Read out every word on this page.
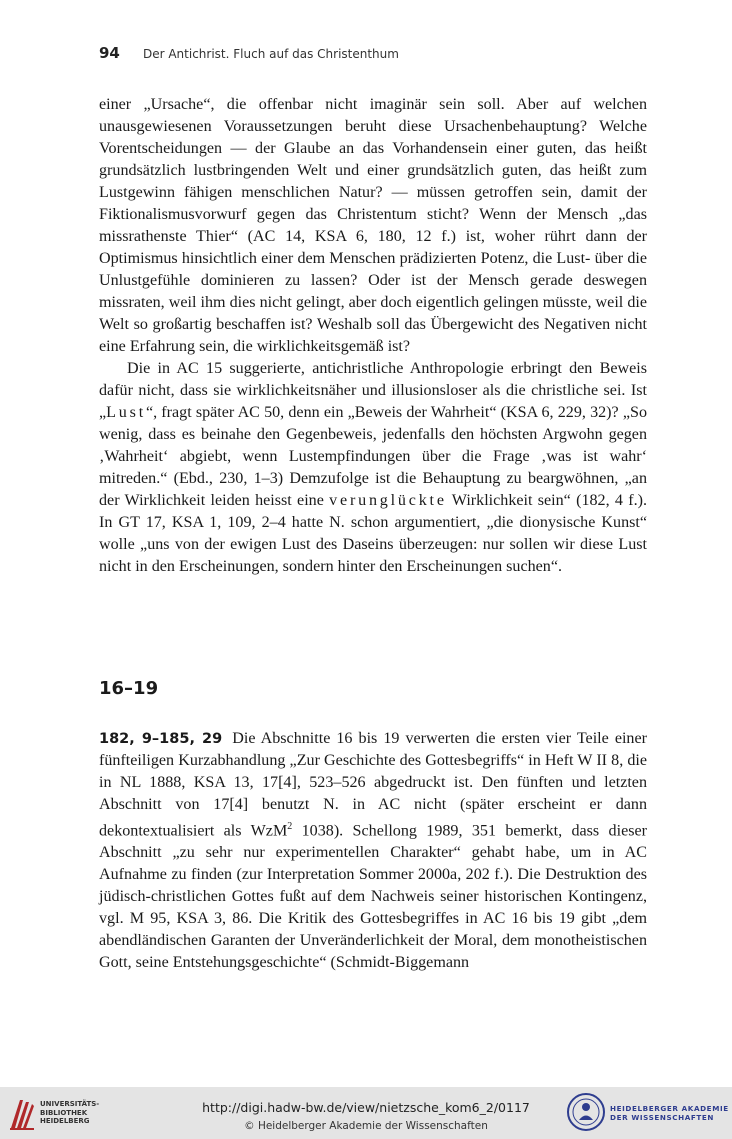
94 Der Antichrist. Fluch auf das Christenthum

einer „Ursache“, die offenbar nicht imaginär sein soll. Aber auf welchen unausgewiesenen Voraussetzungen beruht diese Ursachenbehauptung? Welche Vorentscheidungen — der Glaube an das Vorhandensein einer guten, das heißt grundsätzlich lustbringenden Welt und einer grundsätzlich guten, das heißt zum Lustgewinn fähigen menschlichen Natur? — müssen getroffen sein, damit der Fiktionalismusvorwurf gegen das Christentum sticht? Wenn der Mensch „das missrathenste Thier“ (AC 14, KSA 6, 180, 12 f.) ist, woher rührt dann der Optimismus hinsichtlich einer dem Menschen prädizierten Potenz, die Lust- über die Unlustgefühle dominieren zu lassen? Oder ist der Mensch gerade deswegen missraten, weil ihm dies nicht gelingt, aber doch eigentlich gelingen müsste, weil die Welt so großartig beschaffen ist? Weshalb soll das Übergewicht des Negativen nicht eine Erfahrung sein, die wirklichkeitsgemäß ist?

Die in AC 15 suggerierte, antichristliche Anthropologie erbringt den Beweis dafür nicht, dass sie wirklichkeitsnäher und illusionsloser als die christliche sei. Ist „Lust“, fragt später AC 50, denn ein „Beweis der Wahrheit“ (KSA 6, 229, 32)? „So wenig, dass es beinahe den Gegenbeweis, jedenfalls den höchsten Argwohn gegen ‚Wahrheit‘ abgiebt, wenn Lustempfindungen über die Frage ‚was ist wahr‘ mitreden.“ (Ebd., 230, 1–3) Demzufolge ist die Behauptung zu beargwöhnen, „an der Wirklichkeit leiden heisst eine verunglückte Wirklichkeit sein“ (182, 4 f.). In GT 17, KSA 1, 109, 2–4 hatte N. schon argumentiert, „die dionysische Kunst“ wolle „uns von der ewigen Lust des Daseins überzeugen: nur sollen wir diese Lust nicht in den Erscheinungen, sondern hinter den Erscheinungen suchen“.

16–19

182, 9–185, 29 Die Abschnitte 16 bis 19 verwerten die ersten vier Teile einer fünfteiligen Kurzabhandlung „Zur Geschichte des Gottesbegriffs“ in Heft W II 8, die in NL 1888, KSA 13, 17[4], 523–526 abgedruckt ist. Den fünften und letzten Abschnitt von 17[4] benutzt N. in AC nicht (später erscheint er dann dekontextualisiert als WzM$^2$ 1038). Schellong 1989, 351 bemerkt, dass dieser Abschnitt „zu sehr nur experimentellen Charakter“ gehabt habe, um in AC Aufnahme zu finden (zur Interpretation Sommer 2000a, 202 f.). Die Destruktion des jüdisch-christlichen Gottes fußt auf dem Nachweis seiner historischen Kontingenz, vgl. M 95, KSA 3, 86. Die Kritik des Gottesbegriffes in AC 16 bis 19 gibt „dem abendländischen Garanten der Unveränderlichkeit der Moral, dem monotheistischen Gott, seine Entstehungsgeschichte“ (Schmidt-Biggemann

UNIVERSITÄTS-
BIBLIOTHEK
HEIDELBERG
http://digi.hadw-bw.de/view/nietzsche_kom6_2/0117
© Heidelberger Akademie der Wissenschaften
HEIDELBERGER AKADEMIE
DER WISSENSCHAFTEN
